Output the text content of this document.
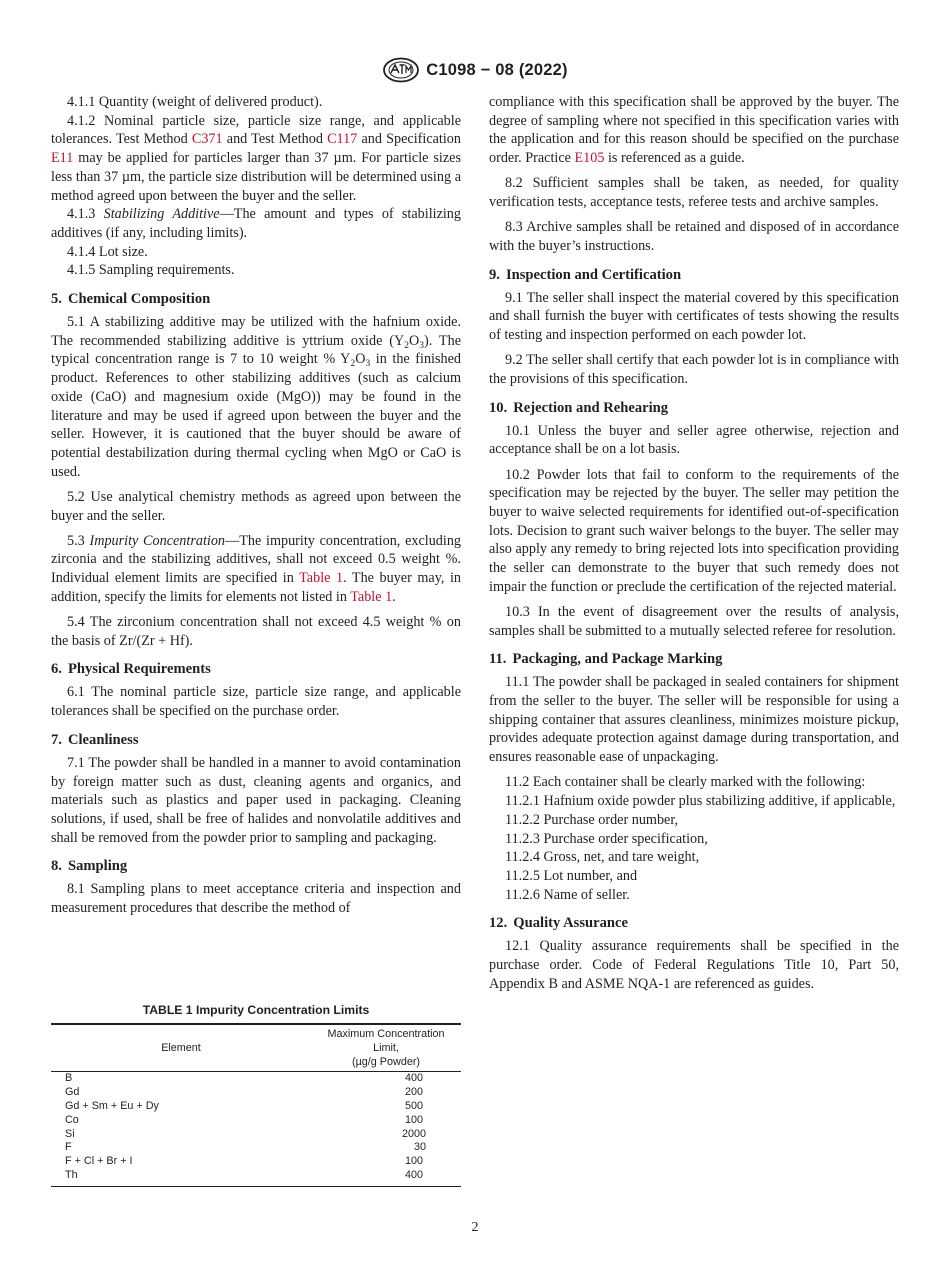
C1098 − 08 (2022)

4.1.1 Quantity (weight of delivered product).

4.1.2 Nominal particle size, particle size range, and applicable tolerances. Test Method C371 and Test Method C117 and Specification E11 may be applied for particles larger than 37 µm. For particle sizes less than 37 µm, the particle size distribution will be determined using a method agreed upon between the buyer and the seller.

4.1.3 Stabilizing Additive—The amount and types of stabilizing additives (if any, including limits).

4.1.4 Lot size.

4.1.5 Sampling requirements.

5. Chemical Composition

5.1 A stabilizing additive may be utilized with the hafnium oxide. The recommended stabilizing additive is yttrium oxide $(Y_2O_3)$. The typical concentration range is 7 to 10 weight % $Y_2O_3$ in the finished product. References to other stabilizing additives (such as calcium oxide (CaO) and magnesium oxide (MgO)) may be found in the literature and may be used if agreed upon between the buyer and the seller. However, it is cautioned that the buyer should be aware of potential destabilization during thermal cycling when MgO or CaO is used.

5.2 Use analytical chemistry methods as agreed upon between the buyer and the seller.

5.3 Impurity Concentration—The impurity concentration, excluding zirconia and the stabilizing additives, shall not exceed 0.5 weight %. Individual element limits are specified in Table 1. The buyer may, in addition, specify the limits for elements not listed in Table 1.

5.4 The zirconium concentration shall not exceed 4.5 weight % on the basis of Zr/(Zr + Hf).

6. Physical Requirements

6.1 The nominal particle size, particle size range, and applicable tolerances shall be specified on the purchase order.

7. Cleanliness

7.1 The powder shall be handled in a manner to avoid contamination by foreign matter such as dust, cleaning agents and organics, and materials such as plastics and paper used in packaging. Cleaning solutions, if used, shall be free of halides and nonvolatile additives and shall be removed from the powder prior to sampling and packaging.

8. Sampling

8.1 Sampling plans to meet acceptance criteria and inspection and measurement procedures that describe the method of

TABLE 1 Impurity Concentration Limits
Element	Maximum Concentration
Limit,
(µg/g Powder)

B	400
Gd	200
Gd + Sm + Eu + Dy	500
Co	100
Si	2000
F	30
F + Cl + Br + I	100
Th	400

compliance with this specification shall be approved by the buyer. The degree of sampling where not specified in this specification varies with the application and for this reason should be specified on the purchase order. Practice E105 is referenced as a guide.

8.2 Sufficient samples shall be taken, as needed, for quality verification tests, acceptance tests, referee tests and archive samples.

8.3 Archive samples shall be retained and disposed of in accordance with the buyer’s instructions.

9. Inspection and Certification

9.1 The seller shall inspect the material covered by this specification and shall furnish the buyer with certificates of tests showing the results of testing and inspection performed on each powder lot.

9.2 The seller shall certify that each powder lot is in compliance with the provisions of this specification.

10. Rejection and Rehearing

10.1 Unless the buyer and seller agree otherwise, rejection and acceptance shall be on a lot basis.

10.2 Powder lots that fail to conform to the requirements of the specification may be rejected by the buyer. The seller may petition the buyer to waive selected requirements for identified out-of-specification lots. Decision to grant such waiver belongs to the buyer. The seller may also apply any remedy to bring rejected lots into specification providing the seller can demonstrate to the buyer that such remedy does not impair the function or preclude the certification of the rejected material.

10.3 In the event of disagreement over the results of analysis, samples shall be submitted to a mutually selected referee for resolution.

11. Packaging, and Package Marking

11.1 The powder shall be packaged in sealed containers for shipment from the seller to the buyer. The seller will be responsible for using a shipping container that assures cleanliness, minimizes moisture pickup, provides adequate protection against damage during transportation, and ensures reasonable ease of unpackaging.

11.2 Each container shall be clearly marked with the following:

11.2.1 Hafnium oxide powder plus stabilizing additive, if applicable,

11.2.2 Purchase order number,

11.2.3 Purchase order specification,

11.2.4 Gross, net, and tare weight,

11.2.5 Lot number, and

11.2.6 Name of seller.

12. Quality Assurance

12.1 Quality assurance requirements shall be specified in the purchase order. Code of Federal Regulations Title 10, Part 50, Appendix B and ASME NQA-1 are referenced as guides.

2
